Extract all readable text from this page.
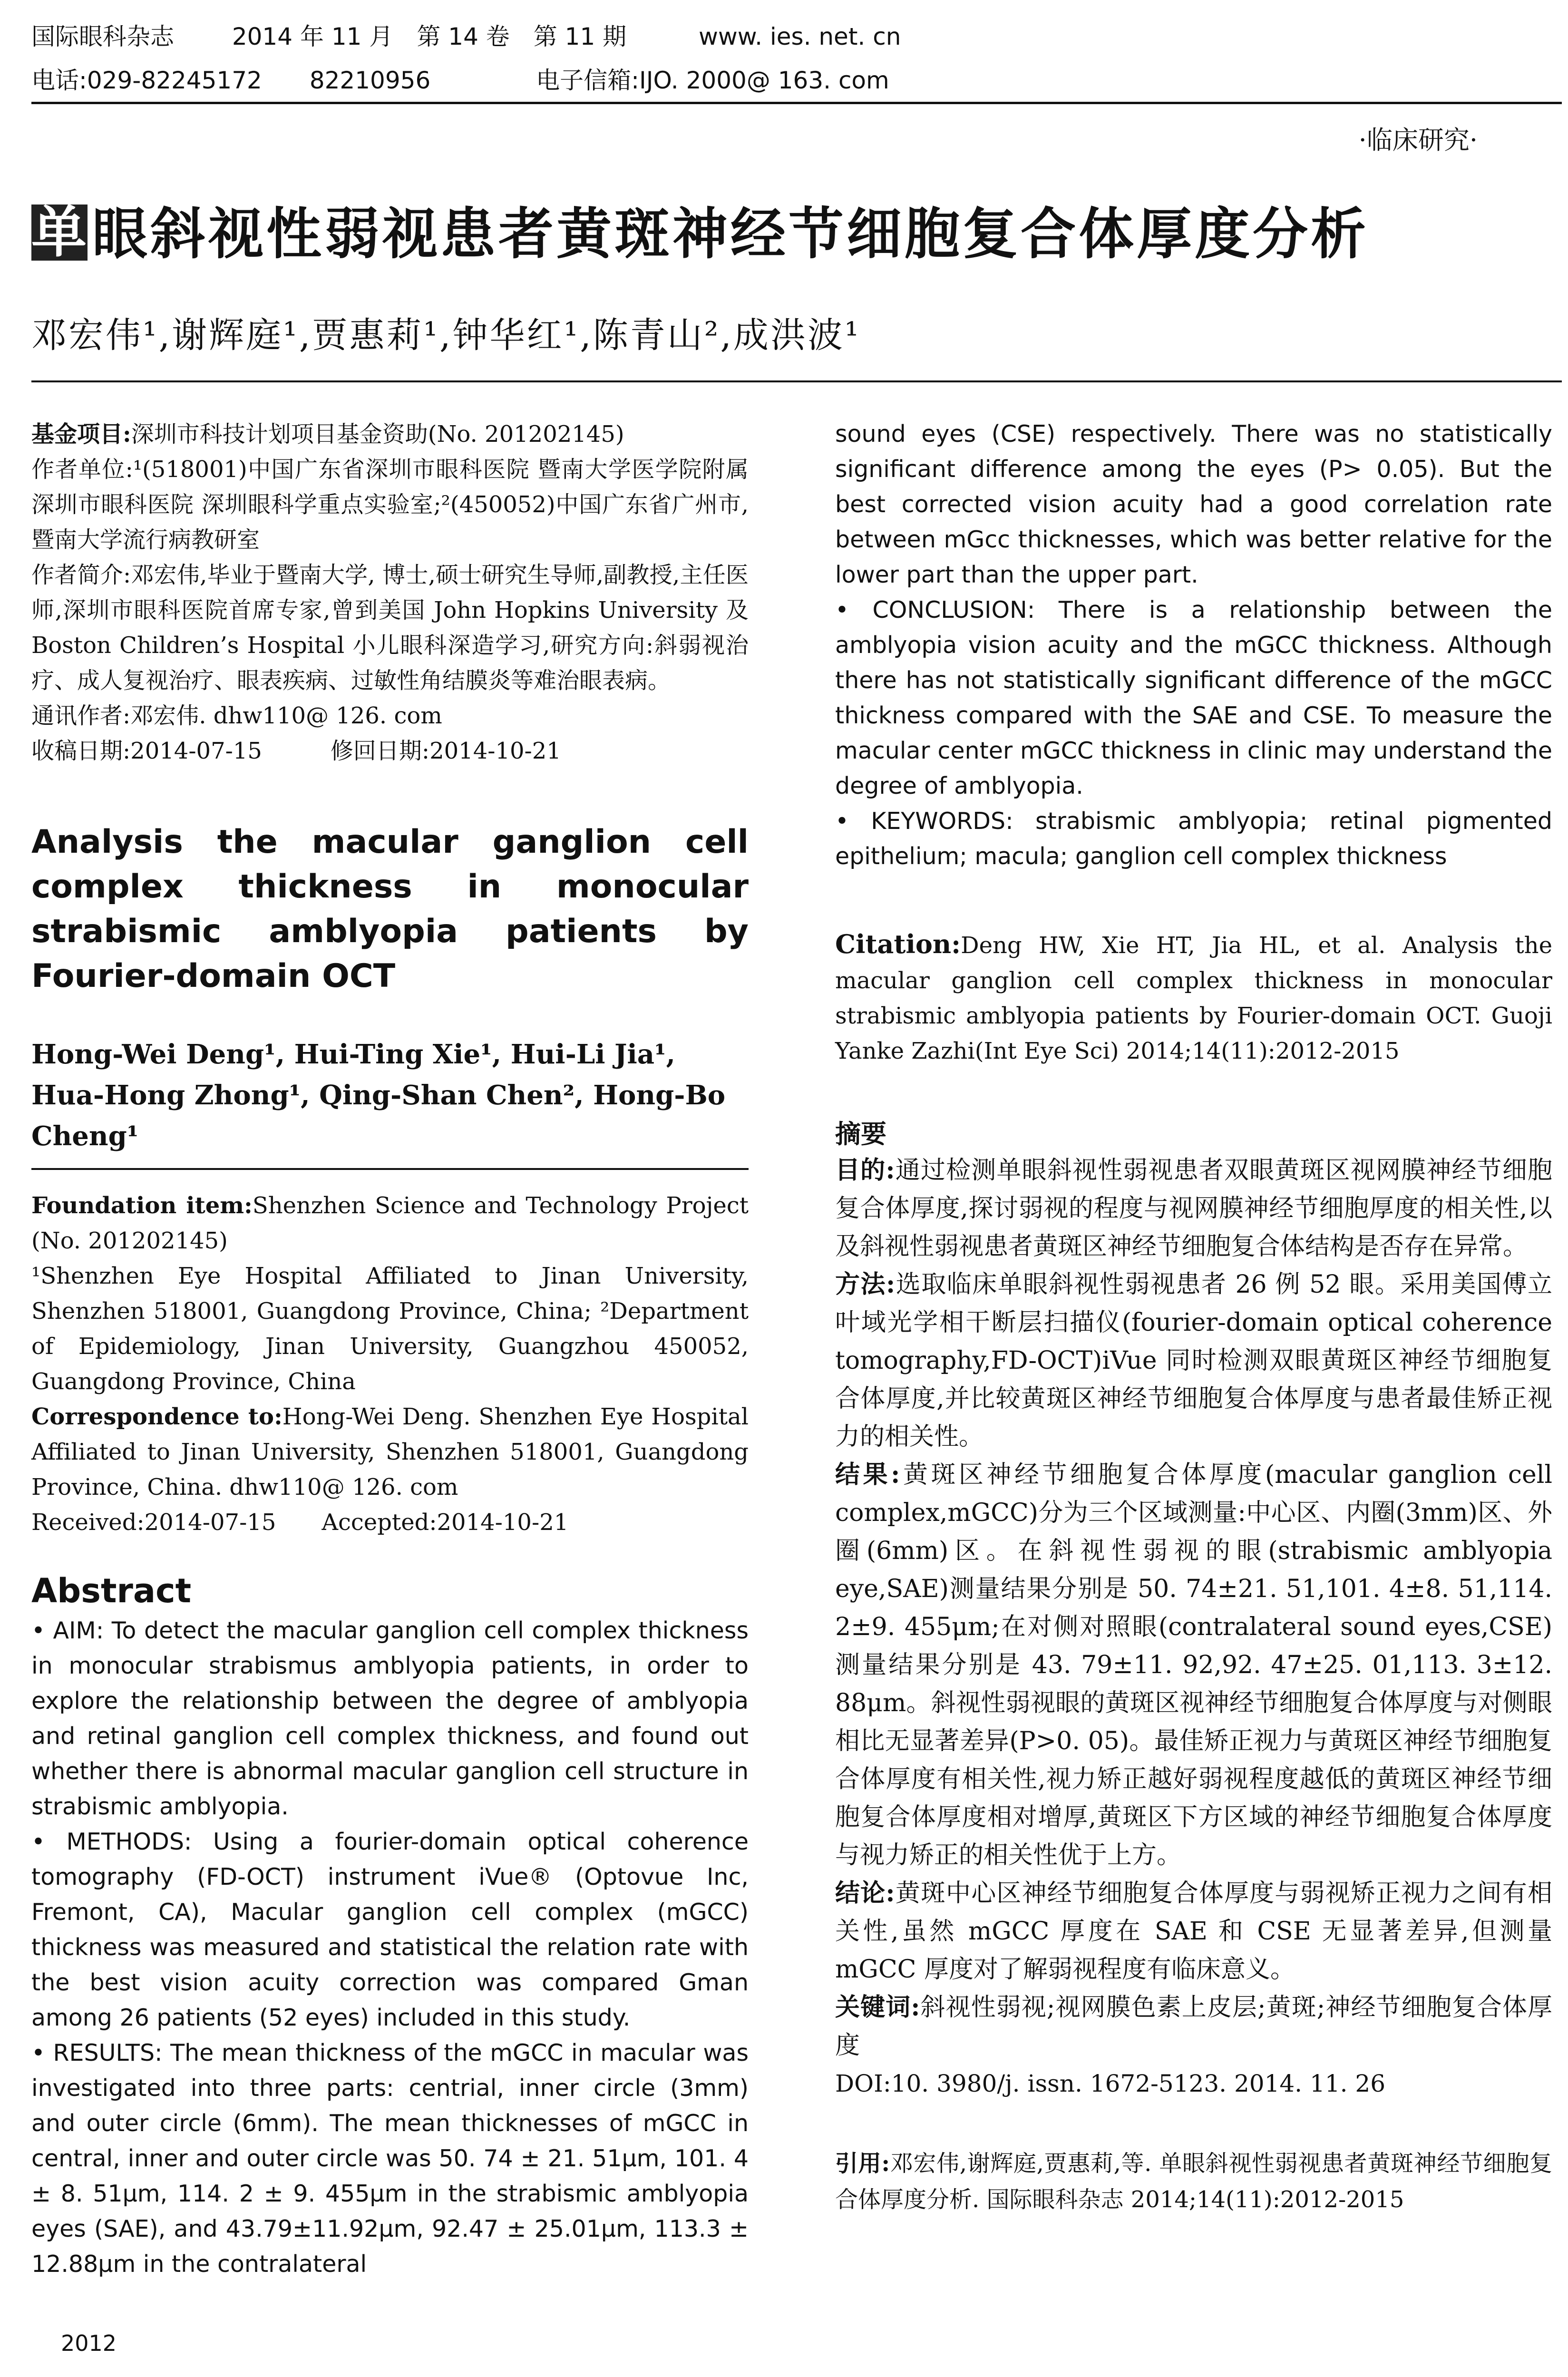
国际眼科杂志 2014 年 11 月　第 14 卷　第 11 期	www. ies. net. cn
电话:029-82245172　　82210956	电子信箱:IJO. 2000@ 163. com
·临床研究·
单眼斜视性弱视患者黄斑神经节细胞复合体厚度分析
邓宏伟¹,谢辉庭¹,贾惠莉¹,钟华红¹,陈青山²,成洪波¹

基金项目:深圳市科技计划项目基金资助(No. 201202145)

作者单位:¹(518001)中国广东省深圳市眼科医院 暨南大学医学院附属深圳市眼科医院 深圳眼科学重点实验室;²(450052)中国广东省广州市,暨南大学流行病教研室

作者简介:邓宏伟,毕业于暨南大学, 博士,硕士研究生导师,副教授,主任医师,深圳市眼科医院首席专家,曾到美国 John Hopkins University 及 Boston Children’s Hospital 小儿眼科深造学习,研究方向:斜弱视治疗、成人复视治疗、眼表疾病、过敏性角结膜炎等难治眼表病。

通讯作者:邓宏伟. dhw110@ 126. com

收稿日期:2014-07-15　　　修回日期:2014-10-21

Analysis the macular ganglion cell complex thickness in monocular strabismic amblyopia patients by Fourier-domain OCT

Hong-Wei Deng¹, Hui-Ting Xie¹, Hui-Li Jia¹, Hua-Hong Zhong¹, Qing-Shan Chen², Hong-Bo Cheng¹

Foundation item:Shenzhen Science and Technology Project (No. 201202145)

¹Shenzhen Eye Hospital Affiliated to Jinan University, Shenzhen 518001, Guangdong Province, China; ²Department of Epidemiology, Jinan University, Guangzhou 450052, Guangdong Province, China

Correspondence to:Hong-Wei Deng. Shenzhen Eye Hospital Affiliated to Jinan University, Shenzhen 518001, Guangdong Province, China. dhw110@ 126. com

Received:2014-07-15　　Accepted:2014-10-21

Abstract

• AIM: To detect the macular ganglion cell complex thickness in monocular strabismus amblyopia patients, in order to explore the relationship between the degree of amblyopia and retinal ganglion cell complex thickness, and found out whether there is abnormal macular ganglion cell structure in strabismic amblyopia.

• METHODS: Using a fourier-domain optical coherence tomography (FD-OCT) instrument iVue® (Optovue Inc, Fremont, CA), Macular ganglion cell complex (mGCC) thickness was measured and statistical the relation rate with the best vision acuity correction was compared Gman among 26 patients (52 eyes) included in this study.

• RESULTS: The mean thickness of the mGCC in macular was investigated into three parts: centrial, inner circle (3mm) and outer circle (6mm). The mean thicknesses of mGCC in central, inner and outer circle was 50. 74 ± 21. 51μm, 101. 4 ± 8. 51μm, 114. 2 ± 9. 455μm in the strabismic amblyopia eyes (SAE), and 43.79±11.92μm, 92.47 ± 25.01μm, 113.3 ± 12.88μm in the contralateral

sound eyes (CSE) respectively. There was no statistically significant difference among the eyes (P> 0.05). But the best corrected vision acuity had a good correlation rate between mGcc thicknesses, which was better relative for the lower part than the upper part.

• CONCLUSION: There is a relationship between the amblyopia vision acuity and the mGCC thickness. Although there has not statistically significant difference of the mGCC thickness compared with the SAE and CSE. To measure the macular center mGCC thickness in clinic may understand the degree of amblyopia.

• KEYWORDS: strabismic amblyopia; retinal pigmented epithelium; macula; ganglion cell complex thickness

Citation:Deng HW, Xie HT, Jia HL, et al. Analysis the macular ganglion cell complex thickness in monocular strabismic amblyopia patients by Fourier-domain OCT. Guoji Yanke Zazhi(Int Eye Sci) 2014;14(11):2012-2015

摘要

目的:通过检测单眼斜视性弱视患者双眼黄斑区视网膜神经节细胞复合体厚度,探讨弱视的程度与视网膜神经节细胞厚度的相关性,以及斜视性弱视患者黄斑区神经节细胞复合体结构是否存在异常。

方法:选取临床单眼斜视性弱视患者 26 例 52 眼。采用美国傅立叶域光学相干断层扫描仪(fourier-domain optical coherence tomography,FD-OCT)iVue 同时检测双眼黄斑区神经节细胞复合体厚度,并比较黄斑区神经节细胞复合体厚度与患者最佳矫正视力的相关性。

结果:黄斑区神经节细胞复合体厚度(macular ganglion cell complex,mGCC)分为三个区域测量:中心区、内圈(3mm)区、外圈(6mm)区。在斜视性弱视的眼(strabismic amblyopia eye,SAE)测量结果分别是 50. 74±21. 51,101. 4±8. 51,114. 2±9. 455μm;在对侧对照眼(contralateral sound eyes,CSE)测量结果分别是 43. 79±11. 92,92. 47±25. 01,113. 3±12. 88μm。斜视性弱视眼的黄斑区视神经节细胞复合体厚度与对侧眼相比无显著差异(P>0. 05)。最佳矫正视力与黄斑区神经节细胞复合体厚度有相关性,视力矫正越好弱视程度越低的黄斑区神经节细胞复合体厚度相对增厚,黄斑区下方区域的神经节细胞复合体厚度与视力矫正的相关性优于上方。

结论:黄斑中心区神经节细胞复合体厚度与弱视矫正视力之间有相关性,虽然 mGCC 厚度在 SAE 和 CSE 无显著差异,但测量 mGCC 厚度对了解弱视程度有临床意义。

关键词:斜视性弱视;视网膜色素上皮层;黄斑;神经节细胞复合体厚度

DOI:10. 3980/j. issn. 1672-5123. 2014. 11. 26

引用:邓宏伟,谢辉庭,贾惠莉,等. 单眼斜视性弱视患者黄斑神经节细胞复合体厚度分析. 国际眼科杂志 2014;14(11):2012-2015

2012
